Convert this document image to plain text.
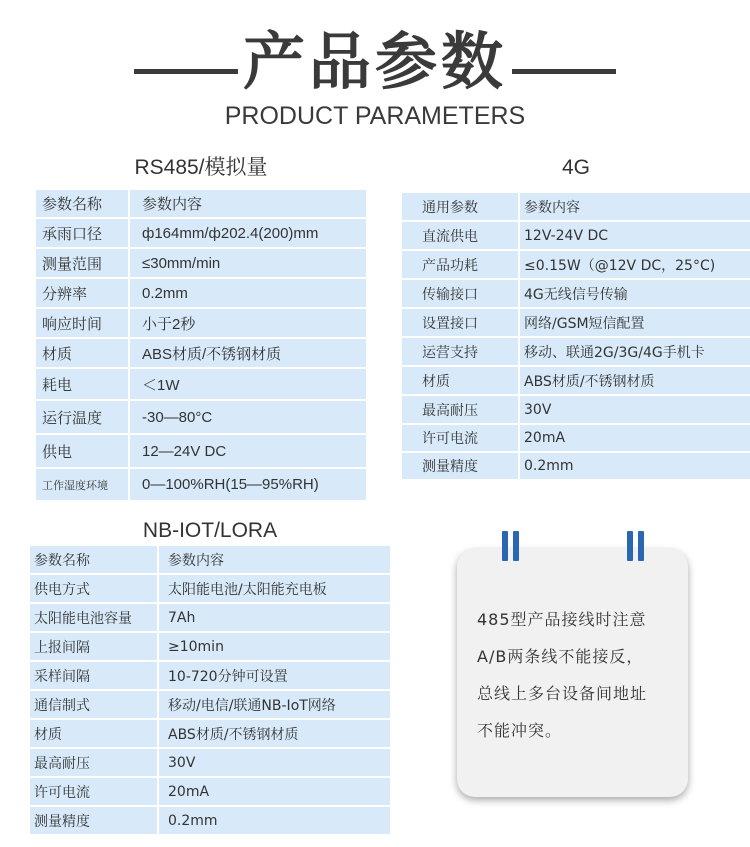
产品参数
PRODUCT PARAMETERS
RS485/模拟量	4G
NB-IOT/LORA
参数名称	参数内容
承雨口径	ф164mm/ф202.4(200)mm
测量范围	≤30mm/min
分辨率	0.2mm
响应时间	小于2秒
材质	ABS材质/不锈钢材质
耗电	＜1W
运行温度	-30—80°C
供电	12—24V DC
工作湿度环境 0—100%RH(15—95%RH)
通用参数	参数内容
直流供电	12V-24V DC
产品功耗	≤0.15W（@12V DC，25°C)
传输接口	4G无线信号传输
设置接口	网络/GSM短信配置
运营支持	移动、联通2G/3G/4G手机卡
材质	ABS材质/不锈钢材质
最高耐压	30V
许可电流	20mA
测量精度	0.2mm
参数名称	参数内容
供电方式	太阳能电池/太阳能充电板
太阳能电池容量	7Ah
上报间隔	≥10min
采样间隔	10-720分钟可设置
通信制式	移动/电信/联通NB-IoT网络
材质	ABS材质/不锈钢材质
最高耐压	30V
许可电流	20mA
测量精度	0.2mm
485型产品接线时注意
A/B两条线不能接反，
总线上多台设备间地址
不能冲突。
